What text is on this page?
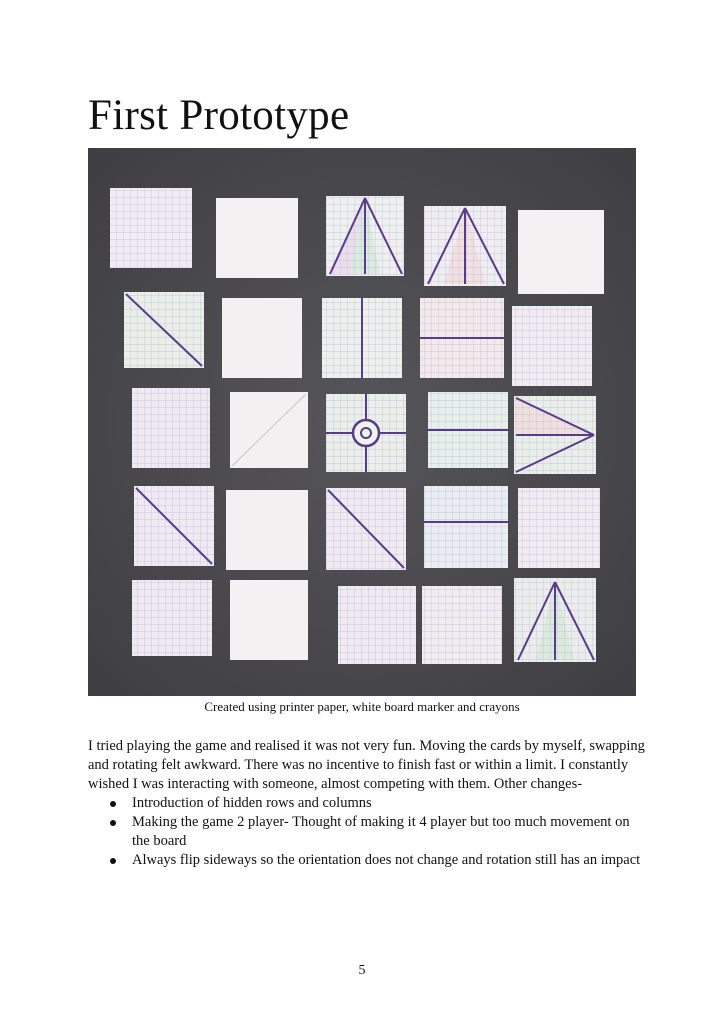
First Prototype
Created using printer paper, white board marker and crayons

I tried playing the game and realised it was not very fun. Moving the cards by myself, swapping and rotating felt awkward. There was no incentive to finish fast or within a limit. I constantly wished I was interacting with someone, almost competing with them. Other changes-

Introduction of hidden rows and columns
Making the game 2 player- Thought of making it 4 player but too much movement on the board
Always flip sideways so the orientation does not change and rotation still has an impact
5
